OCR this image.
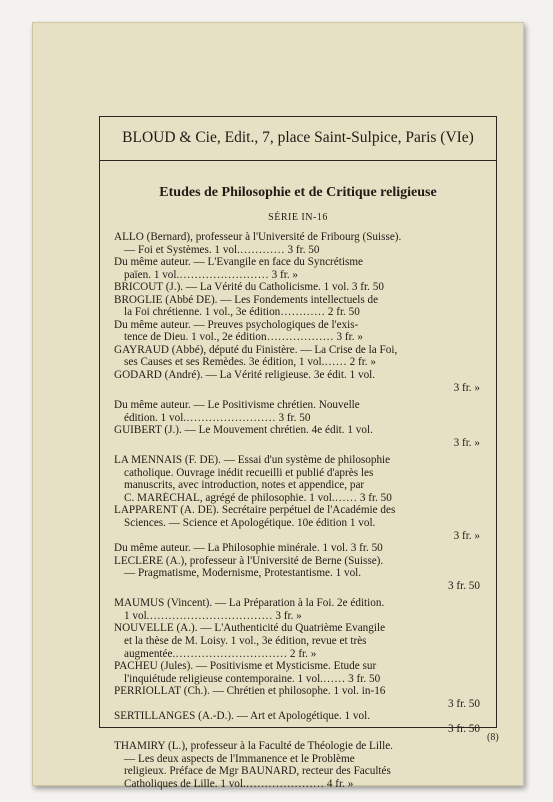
BLOUD & Cie, Edit., 7, place Saint-Sulpice, Paris (VIe)
Etudes de Philosophie et de Critique religieuse
SÉRIE IN-16
ALLO (Bernard), professeur à l'Université de Fribourg (Suisse).
— Foi et Systèmes. 1 vol.………… 3 fr. 50
Du même auteur. — L'Evangile en face du Syncrétisme
païen. 1 vol.…………………… 3 fr. »
BRICOUT (J.). — La Vérité du Catholicisme. 1 vol. 3 fr. 50
BROGLIE (Abbé DE). — Les Fondements intellectuels de
la Foi chrétienne. 1 vol., 3e édition………… 2 fr. 50
Du même auteur. — Preuves psychologiques de l'exis-
tence de Dieu. 1 vol., 2e édition……………… 3 fr. »
GAYRAUD (Abbé), député du Finistère. — La Crise de la Foi,
ses Causes et ses Remèdes. 3e édition, 1 vol.…… 2 fr. »
GODARD (André). — La Vérité religieuse. 3e édit. 1 vol.
3 fr. »
Du même auteur. — Le Positivisme chrétien. Nouvelle
édition. 1 vol.…………………… 3 fr. 50
GUIBERT (J.). — Le Mouvement chrétien. 4e édit. 1 vol.
3 fr. »
LA MENNAIS (F. DE). — Essai d'un système de philosophie
catholique. Ouvrage inédit recueilli et publié d'après les
manuscrits, avec introduction, notes et appendice, par
C. MARÉCHAL, agrégé de philosophie. 1 vol.…… 3 fr. 50
LAPPARENT (A. DE). Secrétaire perpétuel de l'Académie des
Sciences. — Science et Apologétique. 10e édition 1 vol.
3 fr. »
Du même auteur. — La Philosophie minérale. 1 vol. 3 fr. 50
LECLÈRE (A.), professeur à l'Université de Berne (Suisse).
— Pragmatisme, Modernisme, Protestantisme. 1 vol.
3 fr. 50
MAUMUS (Vincent). — La Préparation à la Foi. 2e édition.
1 vol.…………………………… 3 fr. »
NOUVELLE (A.). — L'Authenticité du Quatrième Evangile
et la thèse de M. Loisy. 1 vol., 3e édition, revue et très
augmentée.………………………… 2 fr. »
PACHEU (Jules). — Positivisme et Mysticisme. Etude sur
l'inquiétude religieuse contemporaine. 1 vol.…… 3 fr. 50
PERRIOLLAT (Ch.). — Chrétien et philosophe. 1 vol. in-16
3 fr. 50
SERTILLANGES (A.-D.). — Art et Apologétique. 1 vol.
3 fr. 50
THAMIRY (L.), professeur à la Faculté de Théologie de Lille.
— Les deux aspects de l'Immanence et le Problème
religieux. Préface de Mgr BAUNARD, recteur des Facultés
Catholiques de Lille. 1 vol.………………… 4 fr. »
(8)
